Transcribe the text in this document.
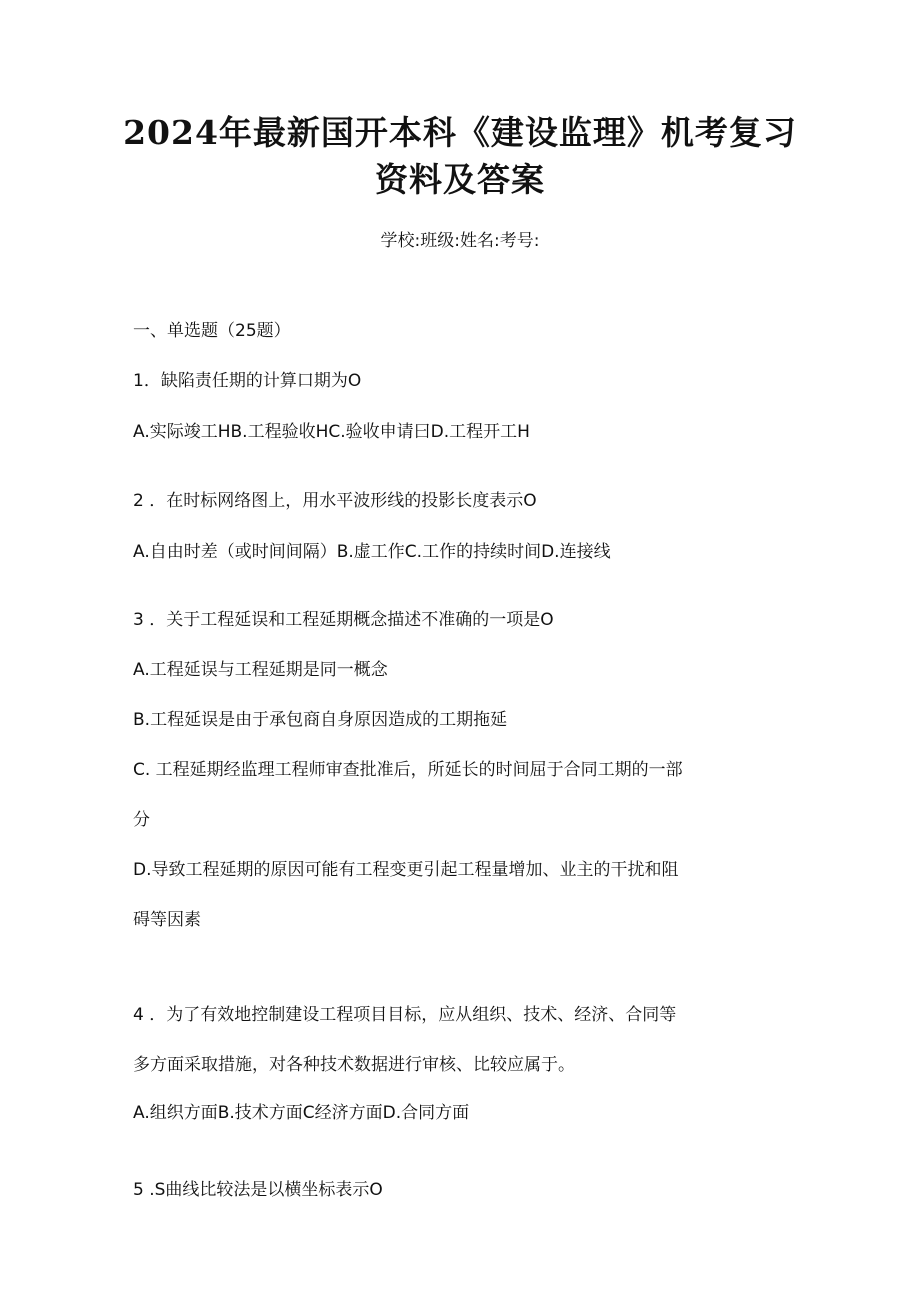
2024年最新国开本科《建设监理》机考复习
资料及答案
学校:班级:姓名:考号:
一、单选题（25题）
1．缺陷责任期的计算口期为O
A.实际竣工HB.工程验收HC.验收申请曰D.工程开工H
2 ．在时标网络图上，用水平波形线的投影长度表示O
A.自由时差（或时间间隔）B.虚工作C.工作的持续时间D.连接线
3 ．关于工程延误和工程延期概念描述不准确的一项是O
A.工程延误与工程延期是同一概念
B.工程延误是由于承包商自身原因造成的工期拖延
C. 工程延期经监理工程师审查批准后，所延长的时间屈于合同工期的一部
分
D.导致工程延期的原因可能有工程变更引起工程量增加、业主的干扰和阻
碍等因素
4 ．为了有效地控制建设工程项目目标，应从组织、技术、经济、合同等
多方面采取措施，对各种技术数据进行审核、比较应属于。
A.组织方面B.技术方面C经济方面D.合同方面
5 .S曲线比较法是以横坐标表示O
